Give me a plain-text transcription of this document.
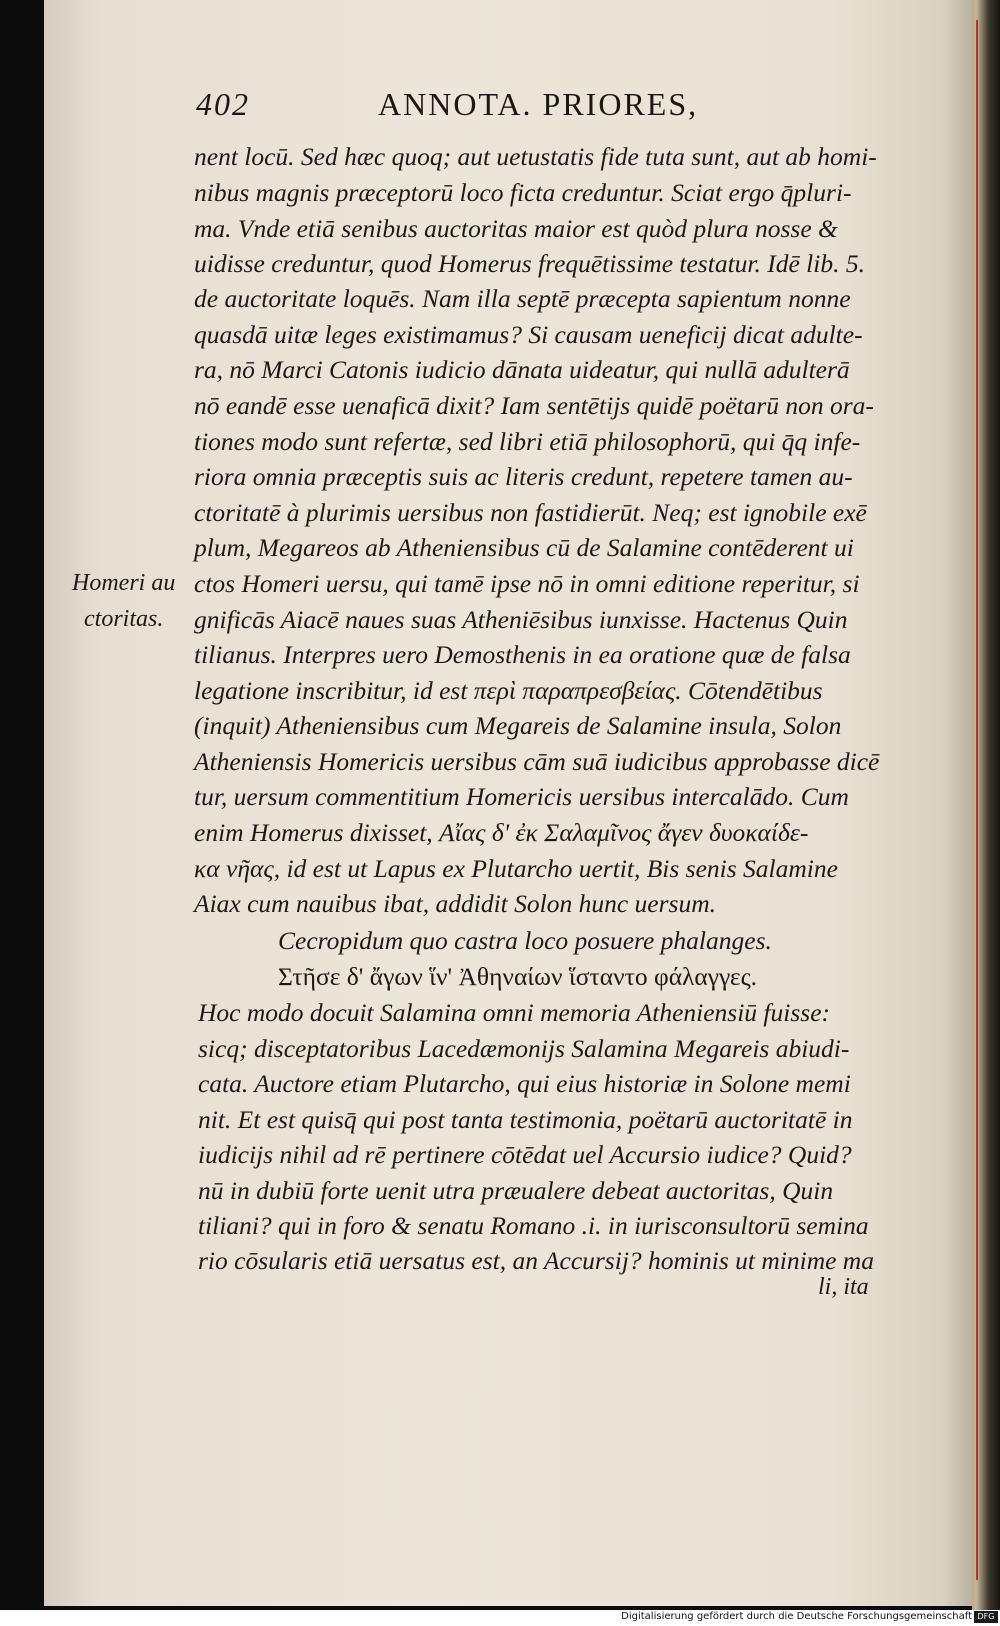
402	ANNOTA. PRIORES,
nent locū. Sed hæc quoq; aut uetustatis fide tuta sunt, aut ab homi-
nibus magnis præceptorū loco ficta creduntur. Sciat ergo q̄pluri-
ma. Vnde etiā senibus auctoritas maior est quòd plura nosse &
uidisse creduntur, quod Homerus frequētissime testatur. Idē lib. 5.
de auctoritate loquēs. Nam illa septē præcepta sapientum nonne
quasdā uitæ leges existimamus? Si causam ueneficij dicat adulte-
ra, nō Marci Catonis iudicio dānata uideatur, qui nullā adulterā
nō eandē esse uenaficā dixit? Iam sentētijs quidē poëtarū non ora-
tiones modo sunt refertæ, sed libri etiā philosophorū, qui q̄q infe-
riora omnia præceptis suis ac literis credunt, repetere tamen au-
ctoritatē à plurimis uersibus non fastidierūt. Neq; est ignobile exē
plum, Megareos ab Atheniensibus cū de Salamine contēderent ui
ctos Homeri uersu, qui tamē ipse nō in omni editione reperitur, si
gnificās Aiacē naues suas Atheniēsibus iunxisse. Hactenus Quin
tilianus. Interpres uero Demosthenis in ea oratione quæ de falsa
legatione inscribitur, id est περὶ παραπρεσβείας. Cōtendētibus
(inquit) Atheniensibus cum Megareis de Salamine insula, Solon
Atheniensis Homericis uersibus cām suā iudicibus approbasse dicē
tur, uersum commentitium Homericis uersibus intercalādo. Cum
enim Homerus dixisset, Αἴας δ' ἐκ Σαλαμῖνος ἄγεν δυοκαίδε-
κα νῆας, id est ut Lapus ex Plutarcho uertit, Bis senis Salamine
Aiax cum nauibus ibat, addidit Solon hunc uersum.
Cecropidum quo castra loco posuere phalanges.
Στῆσε δ' ἄγων ἵν' Ἀθηναίων ἵσταντο φάλαγγες.
Hoc modo docuit Salamina omni memoria Atheniensiū fuisse:
sicq; disceptatoribus Lacedæmonijs Salamina Megareis abiudi-
cata. Auctore etiam Plutarcho, qui eius historiæ in Solone memi
nit. Et est quisq̄ qui post tanta testimonia, poëtarū auctoritatē in
iudicijs nihil ad rē pertinere cōtēdat uel Accursio iudice? Quid?
nū in dubiū forte uenit utra præualere debeat auctoritas, Quin
tiliani? qui in foro & senatu Romano .i. in iurisconsultorū semina
rio cōsularis etiā uersatus est, an Accursij? hominis ut minime ma
li, ita
Homeri au
ctoritas.
Digitalisierung gefördert durch die Deutsche Forschungsgemeinschaft DFG
